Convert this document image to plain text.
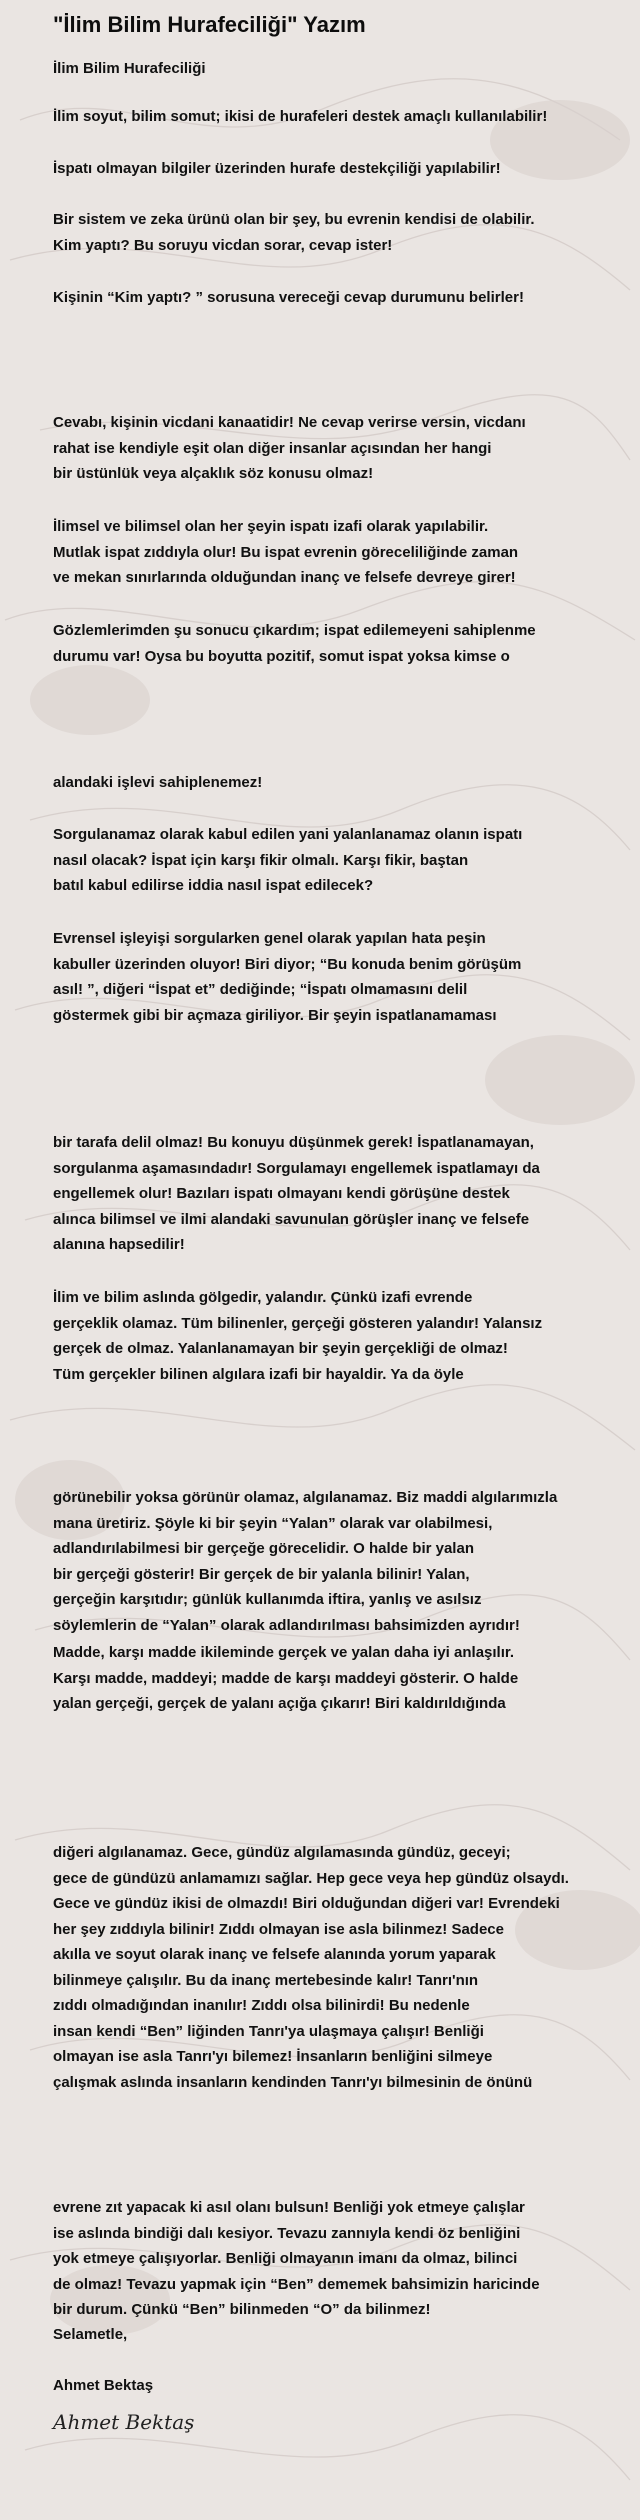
"İlim Bilim Hurafeciliği" Yazım
İlim Bilim Hurafeciliği
İlim soyut, bilim somut; ikisi de hurafeleri destek amaçlı kullanılabilir!
İspatı olmayan bilgiler üzerinden hurafe destekçiliği yapılabilir!
Bir sistem ve zeka ürünü olan bir şey, bu evrenin kendisi de olabilir.
Kim yaptı? Bu soruyu vicdan sorar, cevap ister!
Kişinin “Kim yaptı? ” sorusuna vereceği cevap durumunu belirler!
Cevabı, kişinin vicdani kanaatidir! Ne cevap verirse versin, vicdanı
rahat ise kendiyle eşit olan diğer insanlar açısından her hangi
bir üstünlük veya alçaklık söz konusu olmaz!
İlimsel ve bilimsel olan her şeyin ispatı izafi olarak yapılabilir.
Mutlak ispat zıddıyla olur! Bu ispat evrenin göreceliliğinde zaman
ve mekan sınırlarında olduğundan inanç ve felsefe devreye girer!
Gözlemlerimden şu sonucu çıkardım; ispat edilemeyeni sahiplenme
durumu var! Oysa bu boyutta pozitif, somut ispat yoksa kimse o
alandaki işlevi sahiplenemez!
Sorgulanamaz olarak kabul edilen yani yalanlanamaz olanın ispatı
nasıl olacak? İspat için karşı fikir olmalı. Karşı fikir, baştan
batıl kabul edilirse iddia nasıl ispat edilecek?
Evrensel işleyişi sorgularken genel olarak yapılan hata peşin
kabuller üzerinden oluyor! Biri diyor; “Bu konuda benim görüşüm
asıl! ”, diğeri “İspat et” dediğinde; “İspatı olmamasını delil
göstermek gibi bir açmaza giriliyor. Bir şeyin ispatlanamaması
bir tarafa delil olmaz! Bu konuyu düşünmek gerek! İspatlanamayan,
sorgulanma aşamasındadır! Sorgulamayı engellemek ispatlamayı da
engellemek olur! Bazıları ispatı olmayanı kendi görüşüne destek
alınca bilimsel ve ilmi alandaki savunulan görüşler inanç ve felsefe
alanına hapsedilir!
İlim ve bilim aslında gölgedir, yalandır. Çünkü izafi evrende
gerçeklik olamaz. Tüm bilinenler, gerçeği gösteren yalandır! Yalansız
gerçek de olmaz. Yalanlanamayan bir şeyin gerçekliği de olmaz!
Tüm gerçekler bilinen algılara izafi bir hayaldir. Ya da öyle
görünebilir yoksa görünür olamaz, algılanamaz. Biz maddi algılarımızla
mana üretiriz. Şöyle ki bir şeyin “Yalan” olarak var olabilmesi,
adlandırılabilmesi bir gerçeğe görecelidir. O halde bir yalan
bir gerçeği gösterir! Bir gerçek de bir yalanla bilinir! Yalan,
gerçeğin karşıtıdır; günlük kullanımda iftira, yanlış ve asılsız
söylemlerin de “Yalan” olarak adlandırılması bahsimizden ayrıdır!
Madde, karşı madde ikileminde gerçek ve yalan daha iyi anlaşılır.
Karşı madde, maddeyi; madde de karşı maddeyi gösterir. O halde
yalan gerçeği, gerçek de yalanı açığa çıkarır! Biri kaldırıldığında
diğeri algılanamaz. Gece, gündüz algılamasında gündüz, geceyi;
gece de gündüzü anlamamızı sağlar. Hep gece veya hep gündüz olsaydı.
Gece ve gündüz ikisi de olmazdı! Biri olduğundan diğeri var! Evrendeki
her şey zıddıyla bilinir! Zıddı olmayan ise asla bilinmez! Sadece
akılla ve soyut olarak inanç ve felsefe alanında yorum yaparak
bilinmeye çalışılır. Bu da inanç mertebesinde kalır! Tanrı'nın
zıddı olmadığından inanılır! Zıddı olsa bilinirdi! Bu nedenle
insan kendi “Ben” liğinden Tanrı'ya ulaşmaya çalışır! Benliği
olmayan ise asla Tanrı'yı bilemez! İnsanların benliğini silmeye
çalışmak aslında insanların kendinden Tanrı'yı bilmesinin de önünü
evrene zıt yapacak ki asıl olanı bulsun! Benliği yok etmeye çalışlar
ise aslında bindiği dalı kesiyor. Tevazu zannıyla kendi öz benliğini
yok etmeye çalışıyorlar. Benliği olmayanın imanı da olmaz, bilinci
de olmaz! Tevazu yapmak için “Ben” dememek bahsimizin haricinde
bir durum. Çünkü “Ben” bilinmeden “O” da bilinmez!
Selametle,
Ahmet Bektaş
Ahmet Bektaş
